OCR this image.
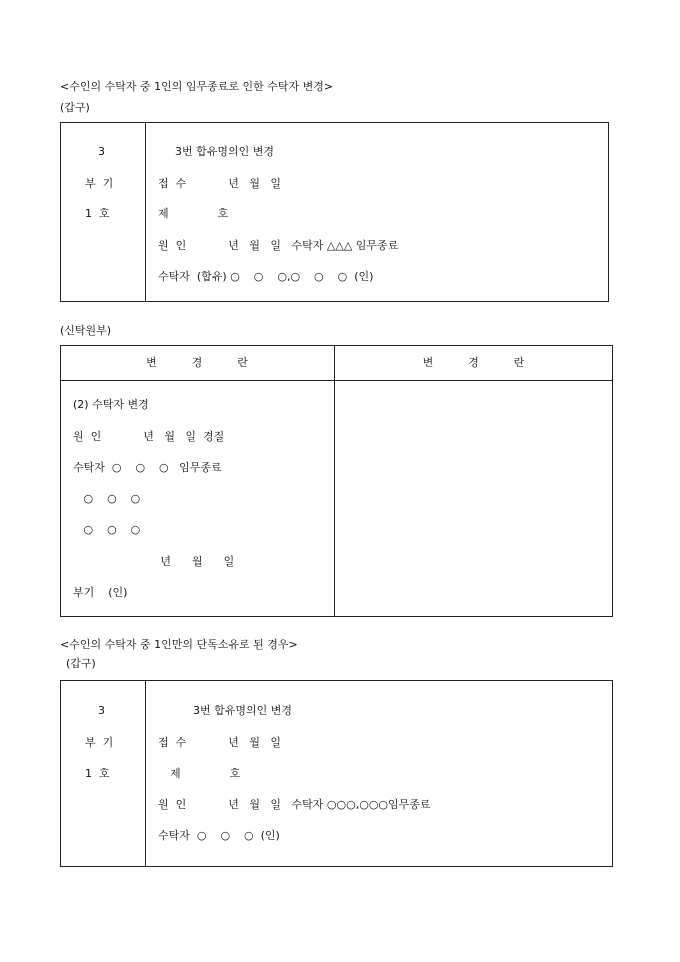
<수인의 수탁자 중 1인의 임무종료로 인한 수탁자 변경>
(갑구)
3
부  기
1  호
3번 합유명의인 변경
접  수            년   월   일
제              호
원  인            년   월   일   수탁자 △△△ 임무종료
수탁자  (합유) ○    ○    ○,○    ○    ○  (인)
(신탁원부)
변          경          란	변          경          란
(2) 수탁자 변경
원  인            년   월   일  경질
수탁자  ○    ○    ○   임무종료
○    ○    ○
○    ○    ○
년      월      일
부기    (인)
<수인의 수탁자 중 1인만의 단독소유로 된 경우>
(갑구)
3
부  기
1  호
3번 합유명의인 변경
접  수            년   월   일
제              호
원  인            년   월   일   수탁자 ○○○,○○○임무종료
수탁자  ○    ○    ○  (인)
